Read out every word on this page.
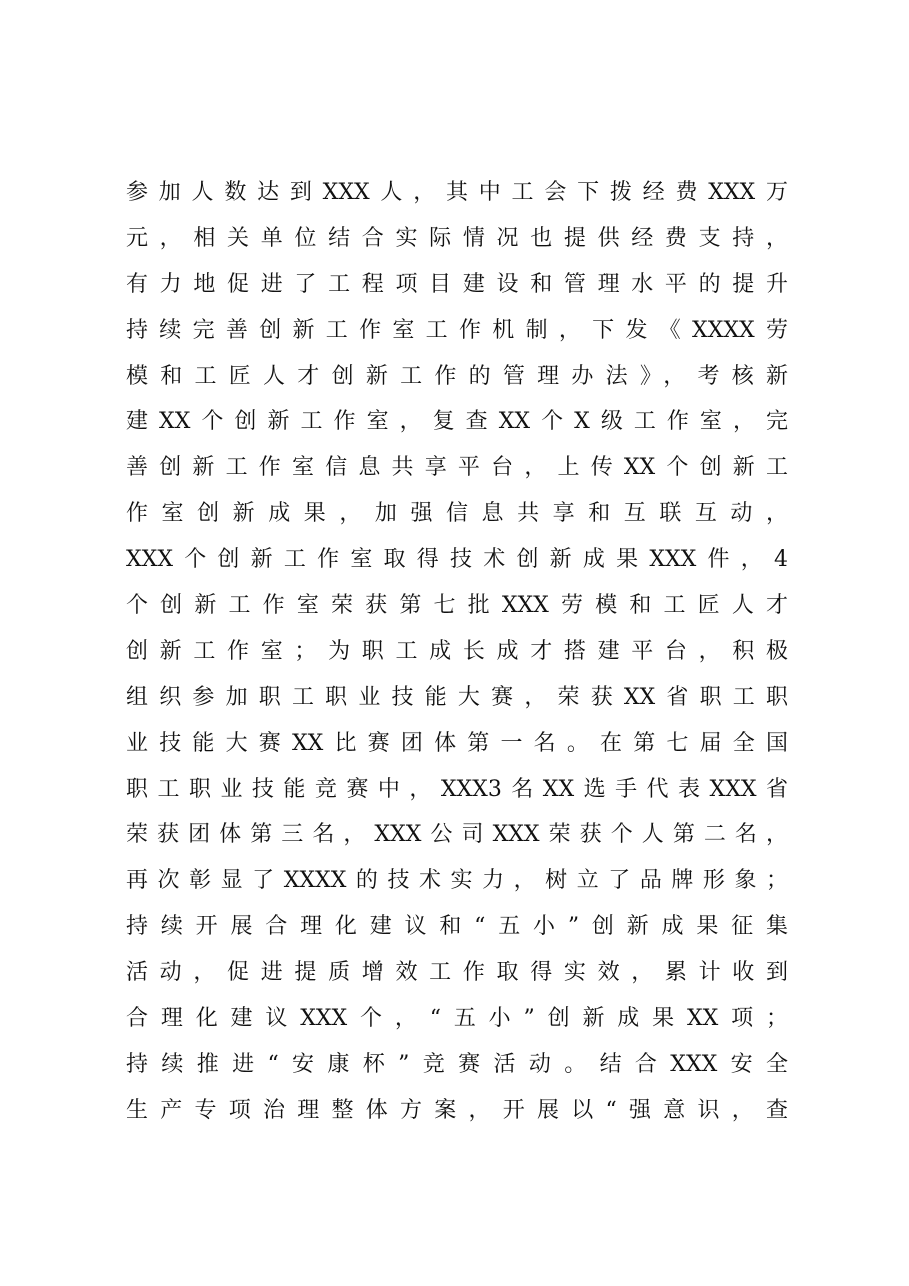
参加人数达到XXX人，其中工会下拨经费XXX万
元，相关单位结合实际情况也提供经费支持，
有力地促进了工程项目建设和管理水平的提升
持续完善创新工作室工作机制，下发《XXXX劳
模和工匠人才创新工作的管理办法》，考核新
建XX个创新工作室，复查XX个X级工作室，完
善创新工作室信息共享平台，上传XX个创新工
作室创新成果，加强信息共享和互联互动，
XXX个创新工作室取得技术创新成果XXX件，4
个创新工作室荣获第七批XXX劳模和工匠人才
创新工作室；为职工成长成才搭建平台，积极
组织参加职工职业技能大赛，荣获XX省职工职
业技能大赛XX比赛团体第一名。在第七届全国
职工职业技能竞赛中，XXX3名XX选手代表XXX省
荣获团体第三名，XXX公司XXX荣获个人第二名，
再次彰显了XXXX的技术实力，树立了品牌形象；
持续开展合理化建议和“五小”创新成果征集
活动，促进提质增效工作取得实效，累计收到
合理化建议XXX个，“五小”创新成果XX项；
持续推进“安康杯”竞赛活动。结合XXX安全
生产专项治理整体方案，开展以“强意识，查
